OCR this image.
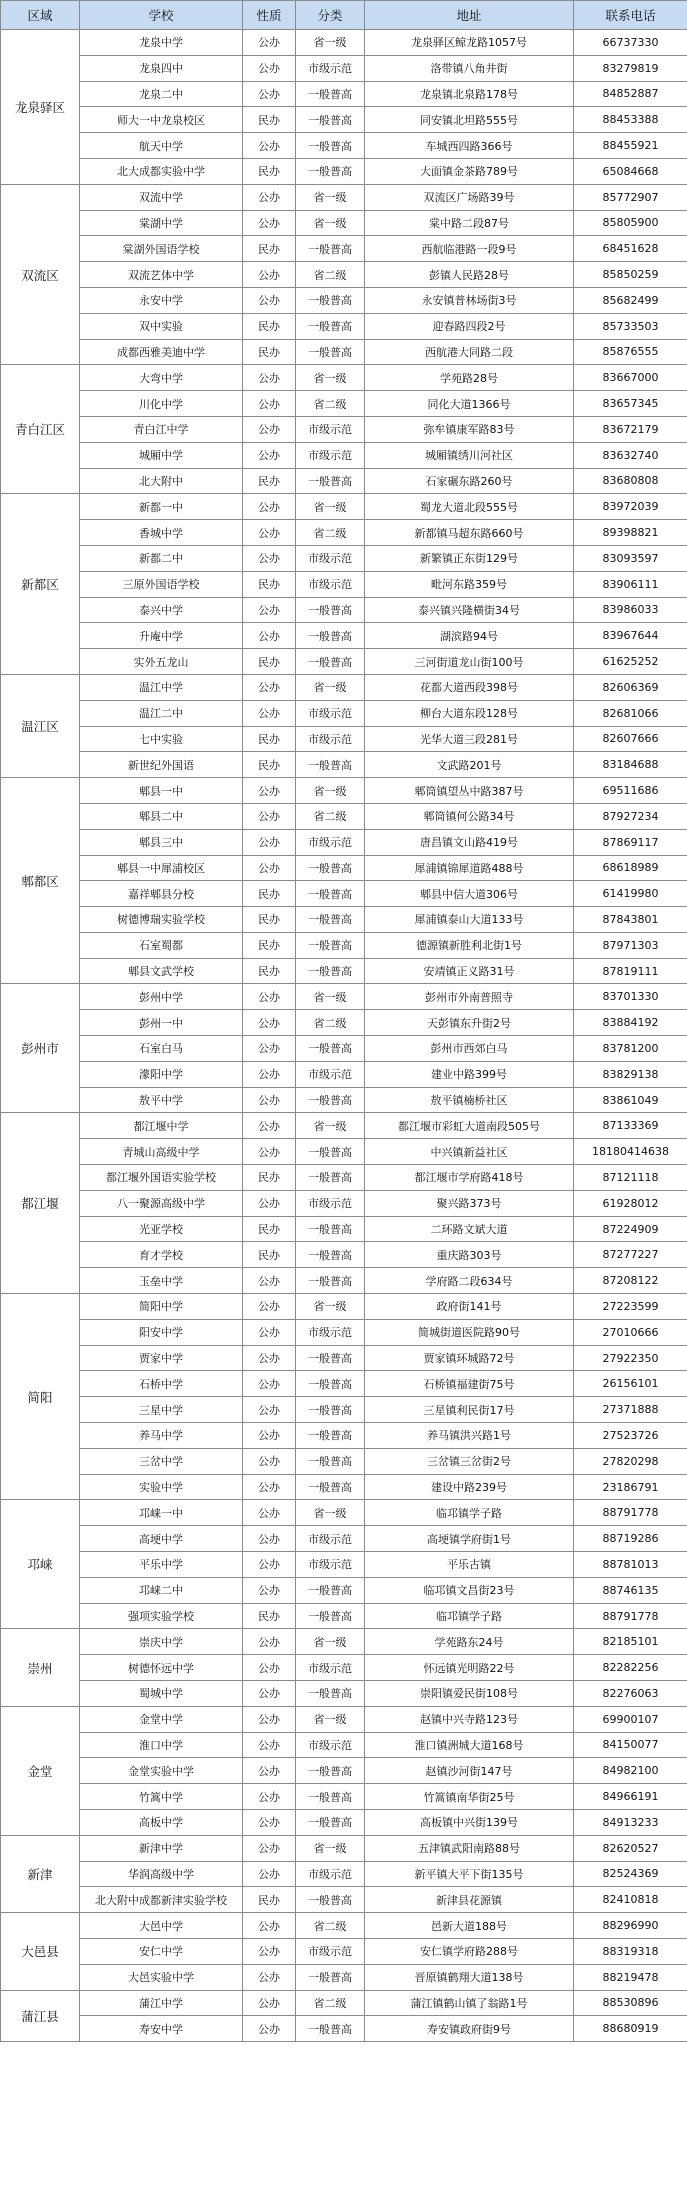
区域	学校	性质	分类	地址	联系电话
龙泉驿区	龙泉中学	公办	省一级	龙泉驿区鲸龙路1057号	66737330
	龙泉四中	公办	市级示范	洛带镇八角井街	83279819
	龙泉二中	公办	一般普高	龙泉镇北泉路178号	84852887
	师大一中龙泉校区	民办	一般普高	同安镇北坦路555号	88453388
	航天中学	公办	一般普高	车城西四路366号	88455921
	北大成都实验中学	民办	一般普高	大面镇金茶路789号	65084668
双流区	双流中学	公办	省一级	双流区广场路39号	85772907
	棠湖中学	公办	省一级	棠中路二段87号	85805900
	棠湖外国语学校	民办	一般普高	西航临港路一段9号	68451628
	双流艺体中学	公办	省二级	彭镇人民路28号	85850259
	永安中学	公办	一般普高	永安镇普林场街3号	85682499
	双中实验	民办	一般普高	迎春路四段2号	85733503
	成都西雅美迪中学	民办	一般普高	西航港大同路二段	85876555
青白江区	大弯中学	公办	省一级	学苑路28号	83667000
	川化中学	公办	省二级	同化大道1366号	83657345
	青白江中学	公办	市级示范	弥牟镇康军路83号	83672179
	城厢中学	公办	市级示范	城厢镇绣川河社区	83632740
	北大附中	民办	一般普高	石家碾东路260号	83680808
新都区	新都一中	公办	省一级	蜀龙大道北段555号	83972039
	香城中学	公办	省二级	新都镇马超东路660号	89398821
	新都二中	公办	市级示范	新繁镇正东街129号	83093597
	三原外国语学校	民办	市级示范	毗河东路359号	83906111
	泰兴中学	公办	一般普高	泰兴镇兴隆横街34号	83986033
	升庵中学	公办	一般普高	湖滨路94号	83967644
	实外五龙山	民办	一般普高	三河街道龙山街100号	61625252
温江区	温江中学	公办	省一级	花都大道西段398号	82606369
	温江二中	公办	市级示范	柳台大道东段128号	82681066
	七中实验	民办	市级示范	光华大道三段281号	82607666
	新世纪外国语	民办	一般普高	文武路201号	83184688
郫都区	郫县一中	公办	省一级	郫筒镇望丛中路387号	69511686
	郫县二中	公办	省二级	郫筒镇何公路34号	87927234
	郫县三中	公办	市级示范	唐昌镇文山路419号	87869117
	郫县一中犀浦校区	公办	一般普高	犀浦镇锦犀道路488号	68618989
	嘉祥郫县分校	民办	一般普高	郫县中信大道306号	61419980
	树德博瑞实验学校	民办	一般普高	犀浦镇泰山大道133号	87843801
	石室蜀都	民办	一般普高	德源镇新胜利北街1号	87971303
	郫县文武学校	民办	一般普高	安靖镇正义路31号	87819111
彭州市	彭州中学	公办	省一级	彭州市外南普照寺	83701330
	彭州一中	公办	省二级	天彭镇东升街2号	83884192
	石室白马	公办	一般普高	彭州市西郊白马	83781200
	濛阳中学	公办	市级示范	建业中路399号	83829138
	敖平中学	公办	一般普高	敖平镇楠桥社区	83861049
都江堰	都江堰中学	公办	省一级	都江堰市彩虹大道南段505号	87133369
	青城山高级中学	公办	一般普高	中兴镇新益社区	18180414638
	都江堰外国语实验学校	民办	一般普高	都江堰市学府路418号	87121118
	八一聚源高级中学	公办	市级示范	聚兴路373号	61928012
	光亚学校	民办	一般普高	二环路文斌大道	87224909
	育才学校	民办	一般普高	重庆路303号	87277227
	玉垒中学	公办	一般普高	学府路二段634号	87208122
简阳	简阳中学	公办	省一级	政府街141号	27223599
	阳安中学	公办	市级示范	简城街道医院路90号	27010666
	贾家中学	公办	一般普高	贾家镇环城路72号	27922350
	石桥中学	公办	一般普高	石桥镇福建街75号	26156101
	三星中学	公办	一般普高	三星镇利民街17号	27371888
	养马中学	公办	一般普高	养马镇洪兴路1号	27523726
	三岔中学	公办	一般普高	三岔镇三岔街2号	27820298
	实验中学	公办	一般普高	建设中路239号	23186791
邛崃	邛崃一中	公办	省一级	临邛镇学子路	88791778
	高埂中学	公办	市级示范	高埂镇学府街1号	88719286
	平乐中学	公办	市级示范	平乐古镇	88781013
	邛崃二中	公办	一般普高	临邛镇文昌街23号	88746135
	强项实验学校	民办	一般普高	临邛镇学子路	88791778
崇州	崇庆中学	公办	省一级	学苑路东24号	82185101
	树德怀远中学	公办	市级示范	怀远镇光明路22号	82282256
	蜀城中学	公办	一般普高	崇阳镇爱民街108号	82276063
金堂	金堂中学	公办	省一级	赵镇中兴寺路123号	69900107
	淮口中学	公办	市级示范	淮口镇洲城大道168号	84150077
	金堂实验中学	公办	一般普高	赵镇沙河街147号	84982100
	竹篙中学	公办	一般普高	竹篙镇南华街25号	84966191
	高板中学	公办	一般普高	高板镇中兴街139号	84913233
新津	新津中学	公办	省一级	五津镇武阳南路88号	82620527
	华润高级中学	公办	市级示范	新平镇大平下街135号	82524369
	北大附中成都新津实验学校	民办	一般普高	新津县花源镇	82410818
大邑县	大邑中学	公办	省二级	邑新大道188号	88296990
	安仁中学	公办	市级示范	安仁镇学府路288号	88319318
	大邑实验中学	公办	一般普高	晋原镇鹤翔大道138号	88219478
蒲江县	蒲江中学	公办	省二级	蒲江镇鹤山镇了翁路1号	88530896
	寿安中学	公办	一般普高	寿安镇政府街9号	88680919
